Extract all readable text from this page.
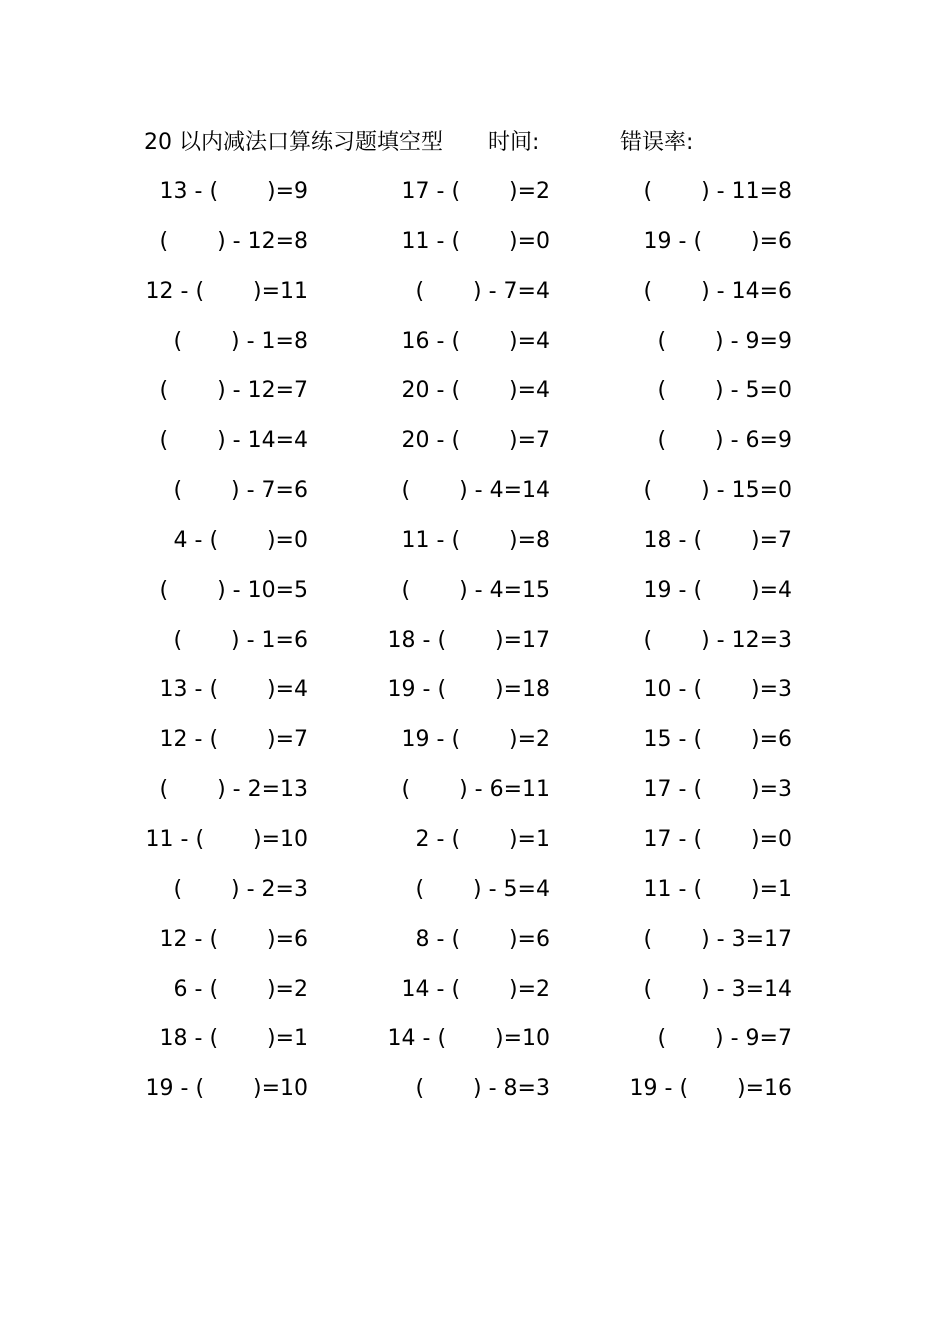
20 以内减法口算练习题填空型 时间:	错误率:
13 - (       )=9	17 - (       )=2	(       ) - 11=8
(       ) - 12=8	11 - (       )=0	19 - (       )=6
12 - (       )=11	(       ) - 7=4	(       ) - 14=6
(       ) - 1=8	16 - (       )=4	(       ) - 9=9
(       ) - 12=7	20 - (       )=4	(       ) - 5=0
(       ) - 14=4	20 - (       )=7	(       ) - 6=9
(       ) - 7=6	(       ) - 4=14	(       ) - 15=0
4 - (       )=0	11 - (       )=8	18 - (       )=7
(       ) - 10=5	(       ) - 4=15	19 - (       )=4
(       ) - 1=6	18 - (       )=17	(       ) - 12=3
13 - (       )=4	19 - (       )=18	10 - (       )=3
12 - (       )=7	19 - (       )=2	15 - (       )=6
(       ) - 2=13	(       ) - 6=11	17 - (       )=3
11 - (       )=10	2 - (       )=1	17 - (       )=0
(       ) - 2=3	(       ) - 5=4	11 - (       )=1
12 - (       )=6	8 - (       )=6	(       ) - 3=17
6 - (       )=2	14 - (       )=2	(       ) - 3=14
18 - (       )=1	14 - (       )=10	(       ) - 9=7
19 - (       )=10	(       ) - 8=3	19 - (       )=16
